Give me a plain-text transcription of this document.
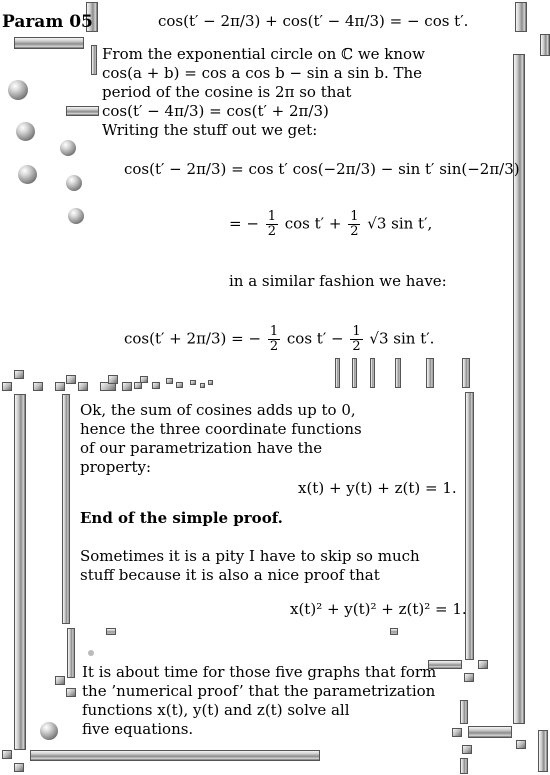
Param 05	cos(t′ − 2π/3) + cos(t′ − 4π/3) = − cos t′.
From the exponential circle on ℂ we know
cos(a + b) = cos a cos b − sin a sin b. The
period of the cosine is 2π so that
cos(t′ − 4π/3) = cos(t′ + 2π/3)
Writing the stuff out we get:
cos(t′ − 2π/3) = cos t′ cos(−2π/3) − sin t′ sin(−2π/3)
= − $\frac{1}{2}$ $\cos t' + \frac{1}{2} √3$ sin t′,
in a similar fashion we have:
cos(t′ + 2π/3) = − $\frac{1}{2}$ $\cos t' - \frac{1}{2} √3$ sin t′.
Ok, the sum of cosines adds up to 0,
hence the three coordinate functions
of our parametrization have the
property:
x(t) + y(t) + z(t) = 1.
End of the simple proof.
Sometimes it is a pity I have to skip so much
stuff because it is also a nice proof that
x(t)² + y(t)² + z(t)² = 1.
It is about time for those five graphs that form
the ’numerical proof’ that the parametrization
functions x(t), y(t) and z(t) solve all
five equations.
